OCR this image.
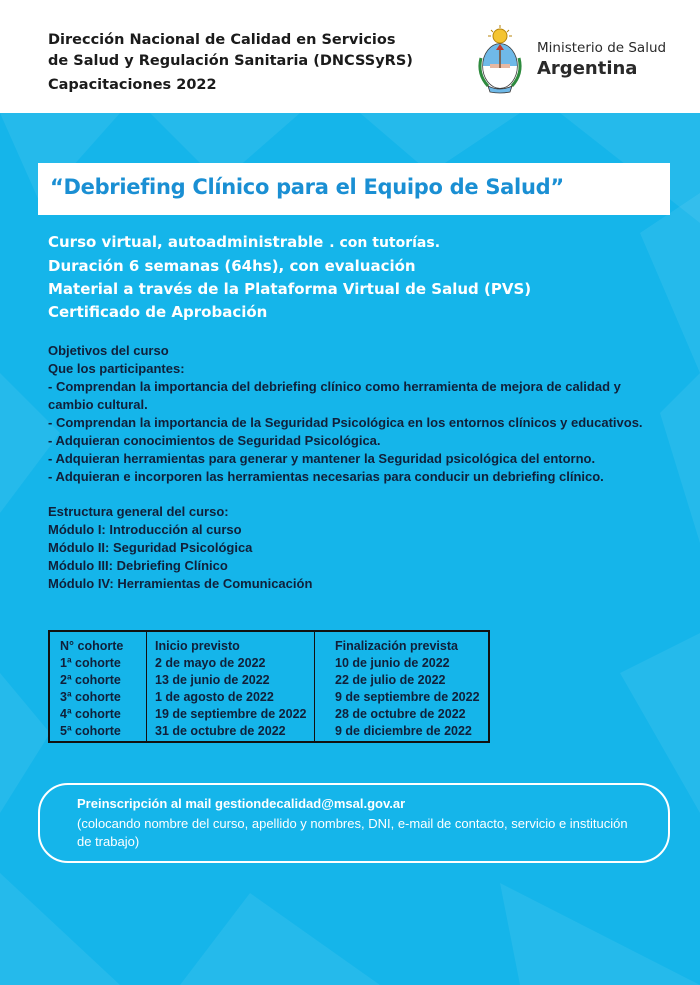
Dirección Nacional de Calidad en Servicios
de Salud y Regulación Sanitaria (DNCSSyRS)
Capacitaciones 2022
Ministerio de Salud
Argentina
“Debriefing Clínico para el Equipo de Salud”
Curso virtual, autoadministrable . con tutorías.
Duración 6 semanas (64hs), con evaluación
Material a través de la Plataforma Virtual de Salud (PVS)
Certificado de Aprobación
Objetivos del curso
Que los participantes:
- Comprendan la importancia del debriefing clínico como herramienta de mejora de calidad y cambio cultural.
- Comprendan la importancia de la Seguridad Psicológica en los entornos clínicos y educativos.
- Adquieran conocimientos de Seguridad Psicológica.
- Adquieran herramientas para generar y mantener la Seguridad psicológica del entorno.
- Adquieran e incorporen las herramientas necesarias para conducir un debriefing clínico.
Estructura general del curso:
Módulo I: Introducción al curso
Módulo II: Seguridad Psicológica
Módulo III: Debriefing Clínico
Módulo IV: Herramientas de Comunicación
N° cohorte
1ª cohorte
2ª cohorte
3ª cohorte
4ª cohorte
5ª cohorte
Inicio previsto
2 de mayo de 2022
13 de junio de 2022
1 de agosto de 2022
19 de septiembre de 2022
31 de octubre de 2022
Finalización prevista
10 de junio de 2022
22 de julio de 2022
9 de septiembre de 2022
28 de octubre de 2022
9 de diciembre de 2022
Preinscripción al mail gestiondecalidad@msal.gov.ar
(colocando nombre del curso, apellido y nombres, DNI, e-mail de contacto, servicio e institución de trabajo)
